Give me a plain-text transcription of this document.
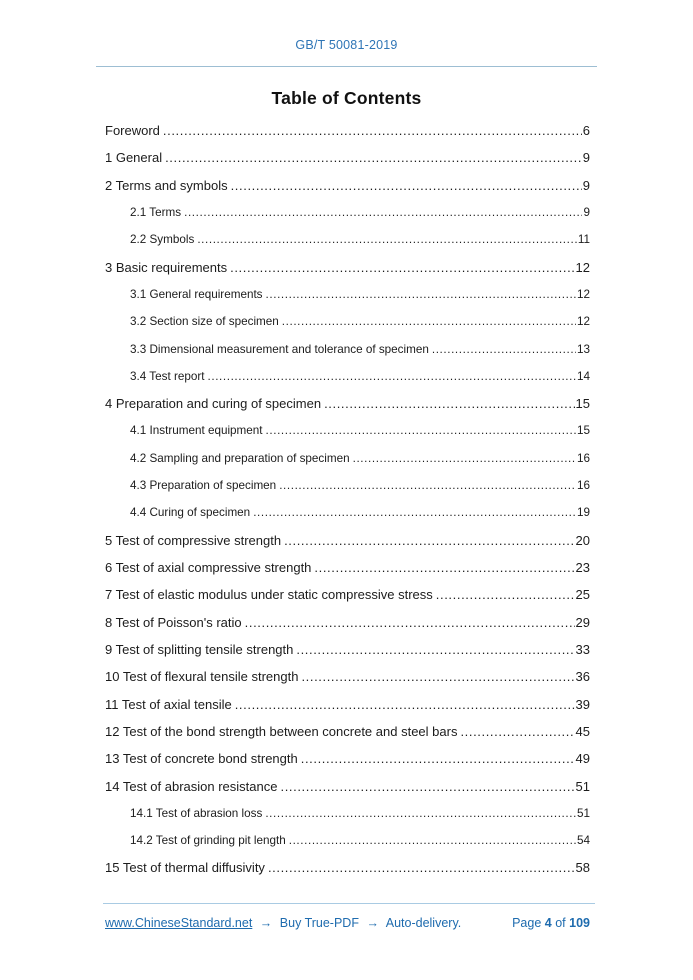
GB/T 50081-2019
Table of Contents
Foreword .....	6
1 General .....	9
2 Terms and symbols .....	9
2.1 Terms .....	9
2.2 Symbols .....	11
3 Basic requirements .....	12
3.1 General requirements .....	12
3.2 Section size of specimen .....	12
3.3 Dimensional measurement and tolerance of specimen .....	13
3.4 Test report .....	14
4 Preparation and curing of specimen .....	15
4.1 Instrument equipment .....	15
4.2 Sampling and preparation of specimen .....	16
4.3 Preparation of specimen .....	16
4.4 Curing of specimen .....	19
5 Test of compressive strength .....	20
6 Test of axial compressive strength .....	23
7 Test of elastic modulus under static compressive stress .....	25
8 Test of Poisson's ratio .....	29
9 Test of splitting tensile strength .....	33
10 Test of flexural tensile strength .....	36
11 Test of axial tensile .....	39
12 Test of the bond strength between concrete and steel bars .....	45
13 Test of concrete bond strength .....	49
14 Test of abrasion resistance .....	51
14.1 Test of abrasion loss .....	51
14.2 Test of grinding pit length .....	54
15 Test of thermal diffusivity .....	58
www.ChineseStandard.net → Buy True-PDF → Auto-delivery.	Page 4 of 109
